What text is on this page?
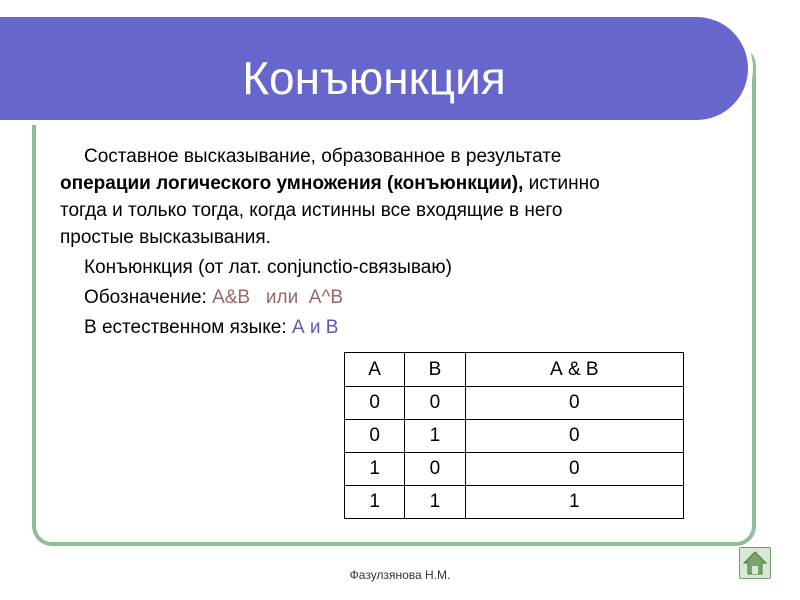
Конъюнкция

Составное высказывание, образованное в результате

операции логического умножения (конъюнкции), истинно

тогда и только тогда, когда истинны все входящие в него

простые высказывания.

Конъюнкция (от лат. conjunctio-связываю)

Обозначение: А&В   или  А^В

В естественном языке: А и В

А	В	А & В
0	0	0
0	1	0
1	0	0
1	1	1
Фазулзянова Н.М.
